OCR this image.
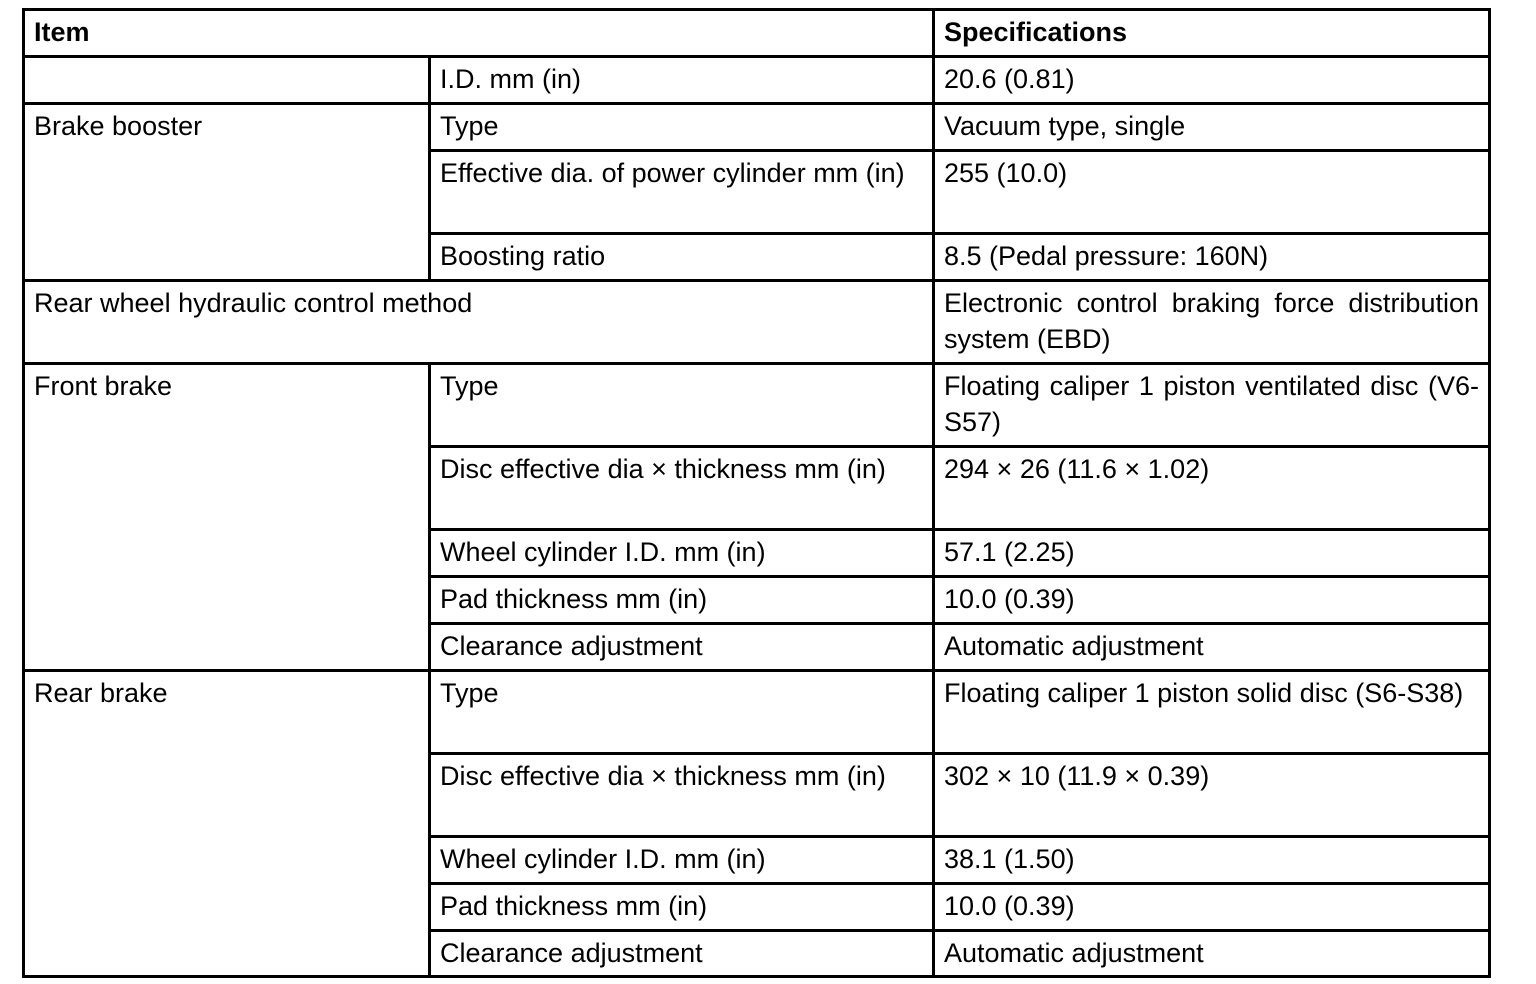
Item		Specifications
	I.D. mm (in)	20.6 (0.81)
Brake booster	Type	Vacuum type, single
	Effective dia. of power cylinder mm (in)	255 (10.0)
	Boosting ratio	8.5 (Pedal pressure: 160N)
Rear wheel hydraulic control method		Electronic control braking force distribution system (EBD)
Front brake	Type	Floating caliper 1 piston ventilated disc (V6-S57)
	Disc effective dia × thickness mm (in)	294 × 26 (11.6 × 1.02)
	Wheel cylinder I.D. mm (in)	57.1 (2.25)
	Pad thickness mm (in)	10.0 (0.39)
	Clearance adjustment	Automatic adjustment
Rear brake	Type	Floating caliper 1 piston solid disc (S6-S38)
	Disc effective dia × thickness mm (in)	302 × 10 (11.9 × 0.39)
	Wheel cylinder I.D. mm (in)	38.1 (1.50)
	Pad thickness mm (in)	10.0 (0.39)
	Clearance adjustment	Automatic adjustment
